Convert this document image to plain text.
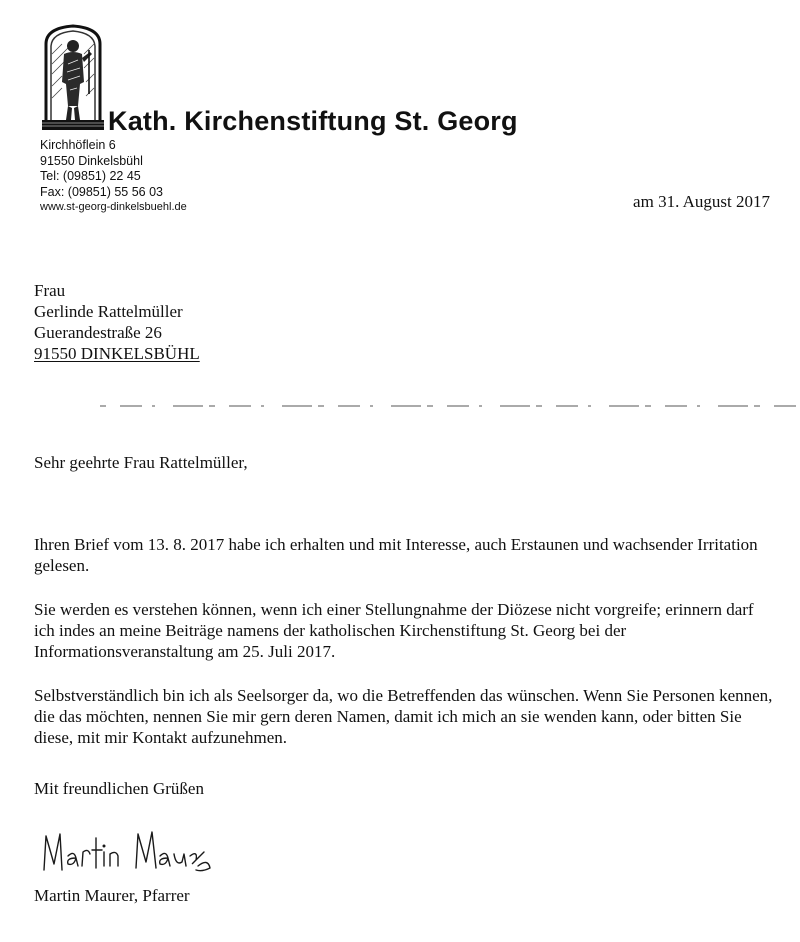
Kath. Kirchenstiftung St. Georg
Kirchhöflein 6
91550 Dinkelsbühl
Tel: (09851) 22 45
Fax: (09851) 55 56 03
www.st-georg-dinkelsbuehl.de	am 31. August 2017
Frau
Gerlinde Rattelmüller
Guerandestraße 26
91550 DINKELSBÜHL
Sehr geehrte Frau Rattelmüller,

Ihren Brief vom 13. 8. 2017 habe ich erhalten und mit Interesse, auch Erstaunen und wachsender Irritation gelesen.

Sie werden es verstehen können, wenn ich einer Stellungnahme der Diözese nicht vorgreife; erinnern darf ich indes an meine Beiträge namens der katholischen Kirchenstiftung St. Georg bei der Informationsveranstaltung am 25. Juli 2017.

Selbstverständlich bin ich als Seelsorger da, wo die Betreffenden das wünschen. Wenn Sie Personen kennen, die das möchten, nennen Sie mir gern deren Namen, damit ich mich an sie wenden kann, oder bitten Sie diese, mit mir Kontakt aufzunehmen.

Mit freundlichen Grüßen
Martin Maurer, Pfarrer
